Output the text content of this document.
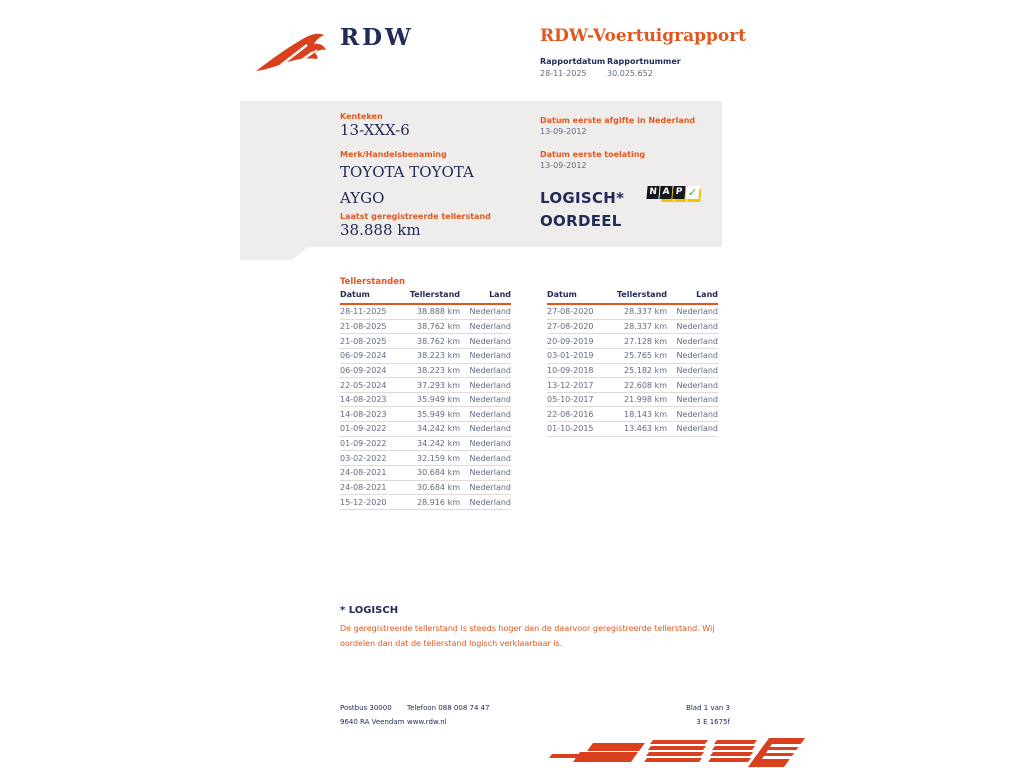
RDW	RDW-Voertuigrapport
Rapportdatum
28-11-2025
Rapportnummer
30.025.652
Kenteken
13-XXX-6
Merk/Handelsbenaming
TOYOTA TOYOTA AYGO
Laatst geregistreerde tellerstand
38.888 km
Datum eerste afgifte in Nederland
13-09-2012
Datum eerste toelating
13-09-2012
LOGISCH*
OORDEEL
N A P ✓
Tellerstanden
Datum	Tellerstand	Land
28-11-2025	38.888 km	Nederland
21-08-2025	38.762 km	Nederland
21-08-2025	38.762 km	Nederland
06-09-2024	38.223 km	Nederland
06-09-2024	38.223 km	Nederland
22-05-2024	37.293 km	Nederland
14-08-2023	35.949 km	Nederland
14-08-2023	35.949 km	Nederland
01-09-2022	34.242 km	Nederland
01-09-2022	34.242 km	Nederland
03-02-2022	32.159 km	Nederland
24-08-2021	30.684 km	Nederland
24-08-2021	30.684 km	Nederland
15-12-2020	28.916 km	Nederland
Datum	Tellerstand	Land
27-08-2020	28.337 km	Nederland
27-08-2020	28.337 km	Nederland
20-09-2019	27.128 km	Nederland
03-01-2019	25.765 km	Nederland
10-09-2018	25.182 km	Nederland
13-12-2017	22.608 km	Nederland
05-10-2017	21.998 km	Nederland
22-08-2016	18.143 km	Nederland
01-10-2015	13.463 km	Nederland
* LOGISCH
De geregistreerde tellerstand is steeds hoger dan de daarvoor geregistreerde tellerstand. Wij oordelen dan dat de tellerstand logisch verklaarbaar is.
Postbus 30000
9640 RA Veendam
Telefoon 088 008 74 47
www.rdw.nl
Blad 1 van 3
3 E 1675f
